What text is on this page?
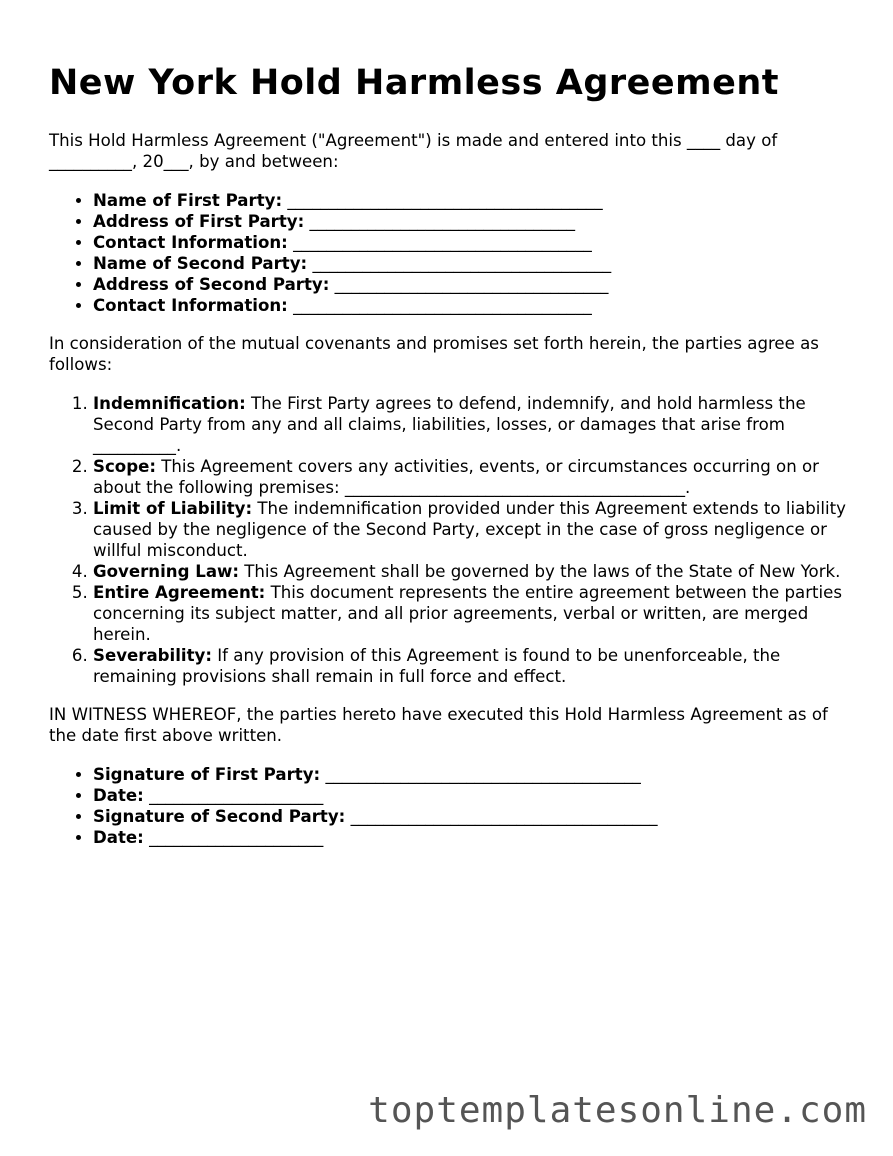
New York Hold Harmless Agreement

This Hold Harmless Agreement ("Agreement") is made and entered into this ____ day of __________, 20___, by and between:

• Name of First Party: ______________________________________
• Address of First Party: ________________________________
• Contact Information: ____________________________________
• Name of Second Party: ____________________________________
• Address of Second Party: _________________________________
• Contact Information: ____________________________________

In consideration of the mutual covenants and promises set forth herein, the parties agree as follows:

1. Indemnification: The First Party agrees to defend, indemnify, and hold harmless the Second Party from any and all claims, liabilities, losses, or damages that arise from __________.
2. Scope: This Agreement covers any activities, events, or circumstances occurring on or about the following premises: _________________________________________.
3. Limit of Liability: The indemnification provided under this Agreement extends to liability caused by the negligence of the Second Party, except in the case of gross negligence or willful misconduct.
4. Governing Law: This Agreement shall be governed by the laws of the State of New York.
5. Entire Agreement: This document represents the entire agreement between the parties concerning its subject matter, and all prior agreements, verbal or written, are merged herein.
6. Severability: If any provision of this Agreement is found to be unenforceable, the remaining provisions shall remain in full force and effect.

IN WITNESS WHEREOF, the parties hereto have executed this Hold Harmless Agreement as of the date first above written.

• Signature of First Party: ______________________________________
• Date: _____________________
• Signature of Second Party: _____________________________________
• Date: _____________________
toptemplatesonline.com
